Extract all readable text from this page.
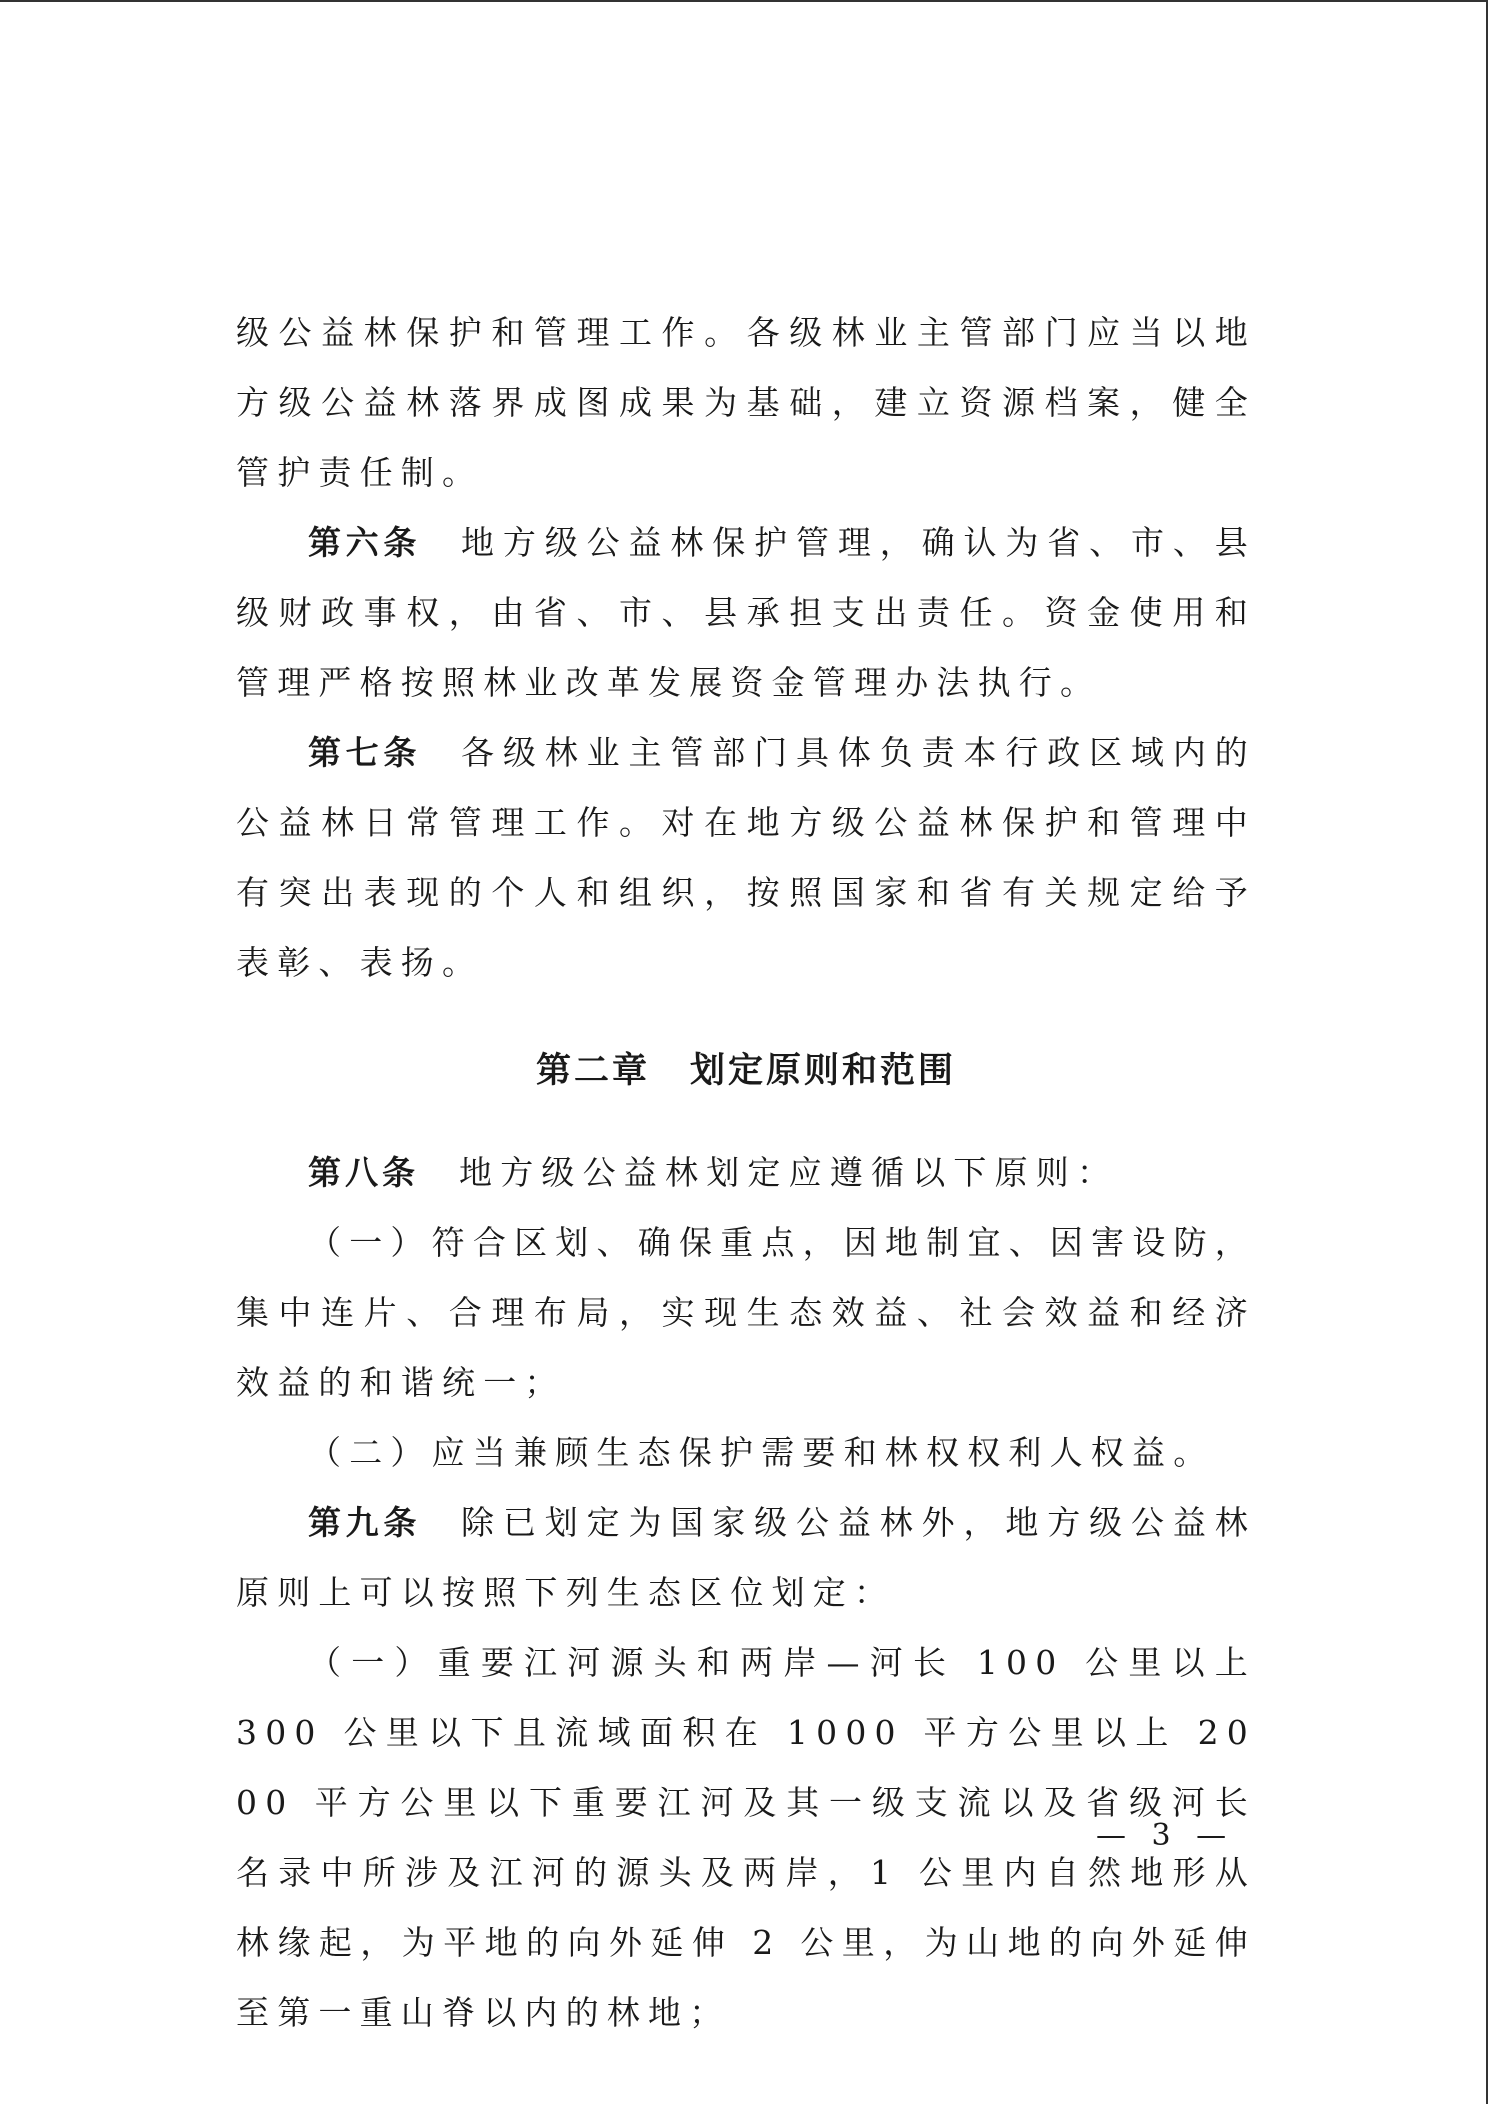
级公益林保护和管理工作。各级林业主管部门应当以地方级公益林落界成图成果为基础，建立资源档案，健全管护责任制。

第六条 地方级公益林保护管理，确认为省、市、县级财政事权，由省、市、县承担支出责任。资金使用和管理严格按照林业改革发展资金管理办法执行。

第七条 各级林业主管部门具体负责本行政区域内的公益林日常管理工作。对在地方级公益林保护和管理中有突出表现的个人和组织，按照国家和省有关规定给予表彰、表扬。

第二章 划定原则和范围

第八条 地方级公益林划定应遵循以下原则：

（一）符合区划、确保重点，因地制宜、因害设防，集中连片、合理布局，实现生态效益、社会效益和经济效益的和谐统一；

（二）应当兼顾生态保护需要和林权权利人权益。

第九条 除已划定为国家级公益林外，地方级公益林原则上可以按照下列生态区位划定：

（一）重要江河源头和两岸—河长 100 公里以上 300 公里以下且流域面积在 1000 平方公里以上 2000 平方公里以下重要江河及其一级支流以及省级河长名录中所涉及江河的源头及两岸，1 公里内自然地形从林缘起，为平地的向外延伸 2 公里，为山地的向外延伸至第一重山脊以内的林地；

— 3 —
